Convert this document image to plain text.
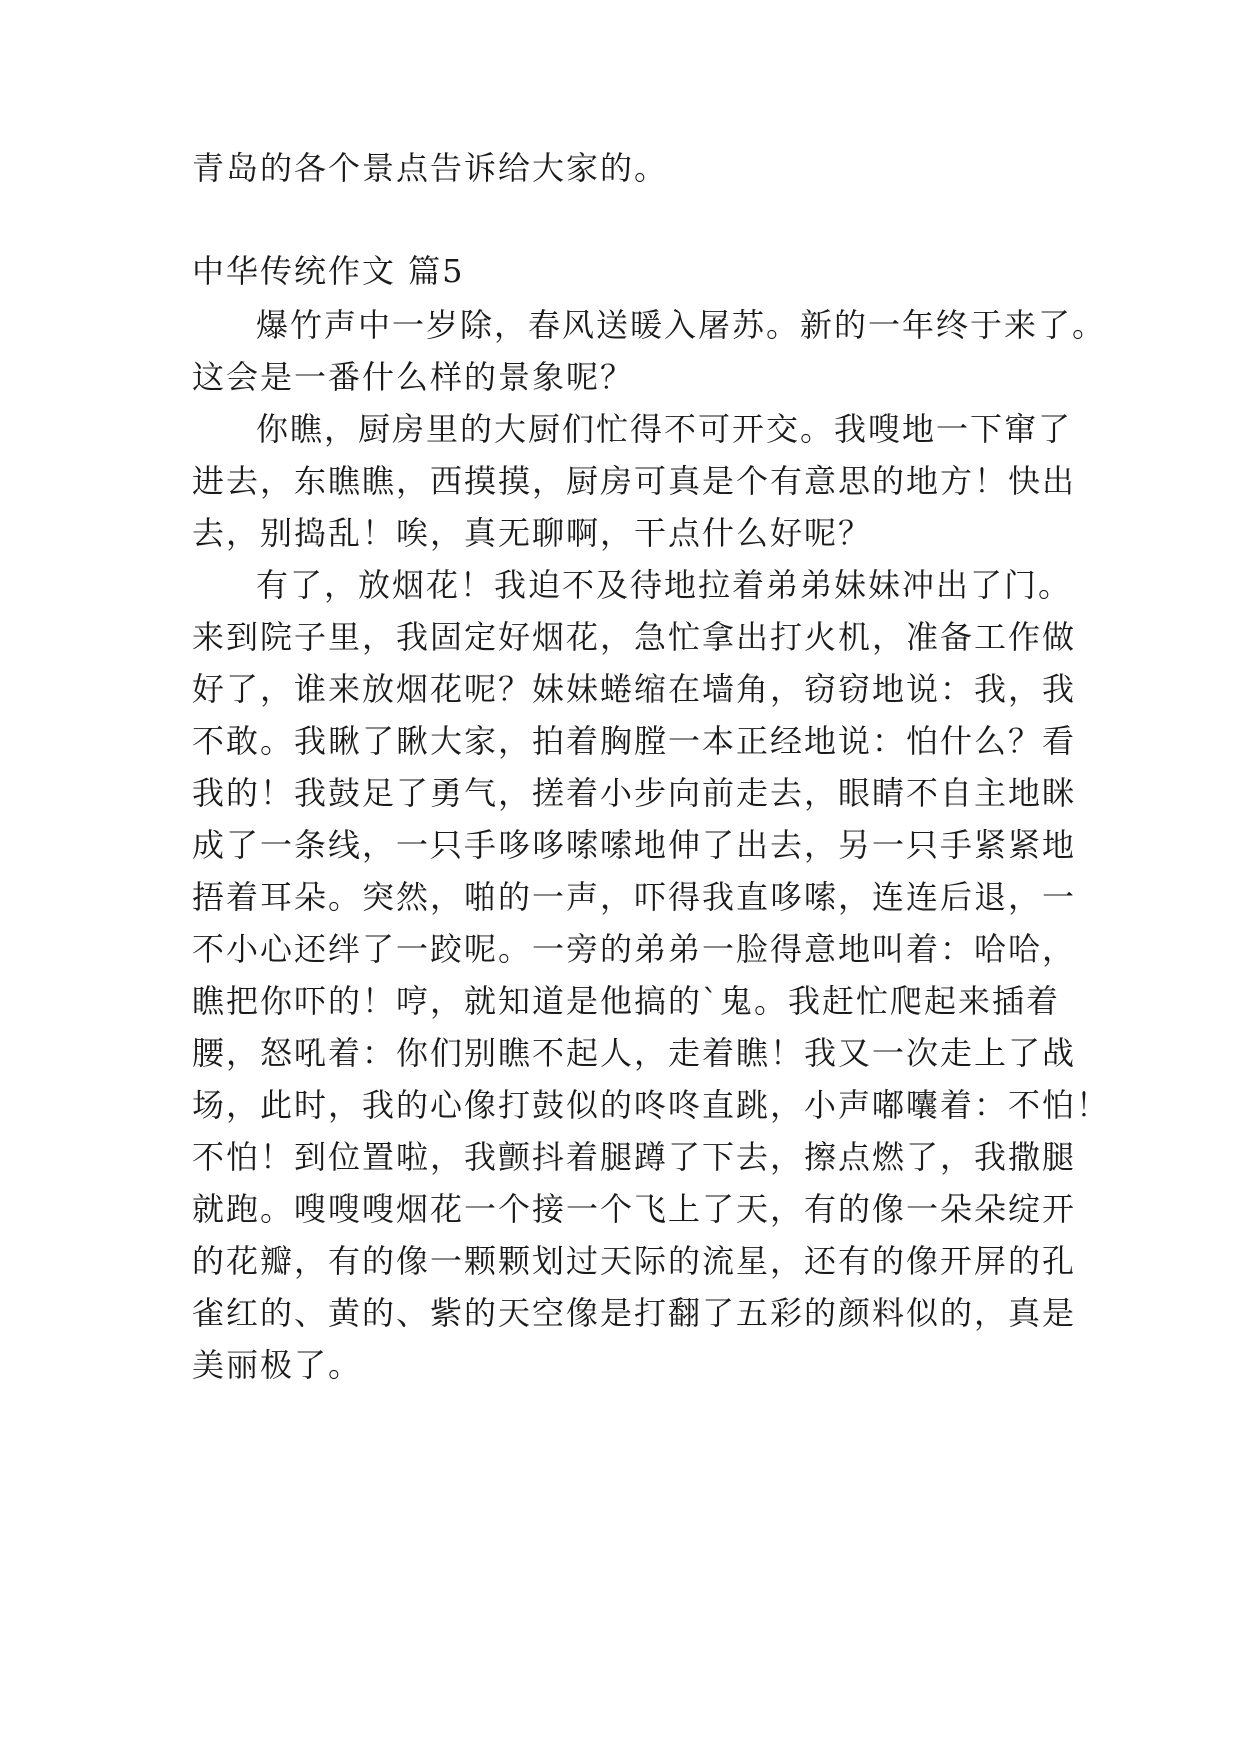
青岛的各个景点告诉给大家的。
中华传统作文 篇5
爆竹声中一岁除，春风送暖入屠苏。新的一年终于来了。
这会是一番什么样的景象呢？
你瞧，厨房里的大厨们忙得不可开交。我嗖地一下窜了
进去，东瞧瞧，西摸摸，厨房可真是个有意思的地方！快出
去，别捣乱！唉，真无聊啊，干点什么好呢？
有了，放烟花！我迫不及待地拉着弟弟妹妹冲出了门。
来到院子里，我固定好烟花，急忙拿出打火机，准备工作做
好了，谁来放烟花呢？妹妹蜷缩在墙角，窃窃地说：我，我
不敢。我瞅了瞅大家，拍着胸膛一本正经地说：怕什么？看
我的！我鼓足了勇气，搓着小步向前走去，眼睛不自主地眯
成了一条线，一只手哆哆嗦嗦地伸了出去，另一只手紧紧地
捂着耳朵。突然，啪的一声，吓得我直哆嗦，连连后退，一
不小心还绊了一跤呢。一旁的弟弟一脸得意地叫着：哈哈，
瞧把你吓的！哼，就知道是他搞的`鬼。我赶忙爬起来插着
腰，怒吼着：你们别瞧不起人，走着瞧！我又一次走上了战
场，此时，我的心像打鼓似的咚咚直跳，小声嘟囔着：不怕！
不怕！到位置啦，我颤抖着腿蹲了下去，擦点燃了，我撒腿
就跑。嗖嗖嗖烟花一个接一个飞上了天，有的像一朵朵绽开
的花瓣，有的像一颗颗划过天际的流星，还有的像开屏的孔
雀红的、黄的、紫的天空像是打翻了五彩的颜料似的，真是
美丽极了。
